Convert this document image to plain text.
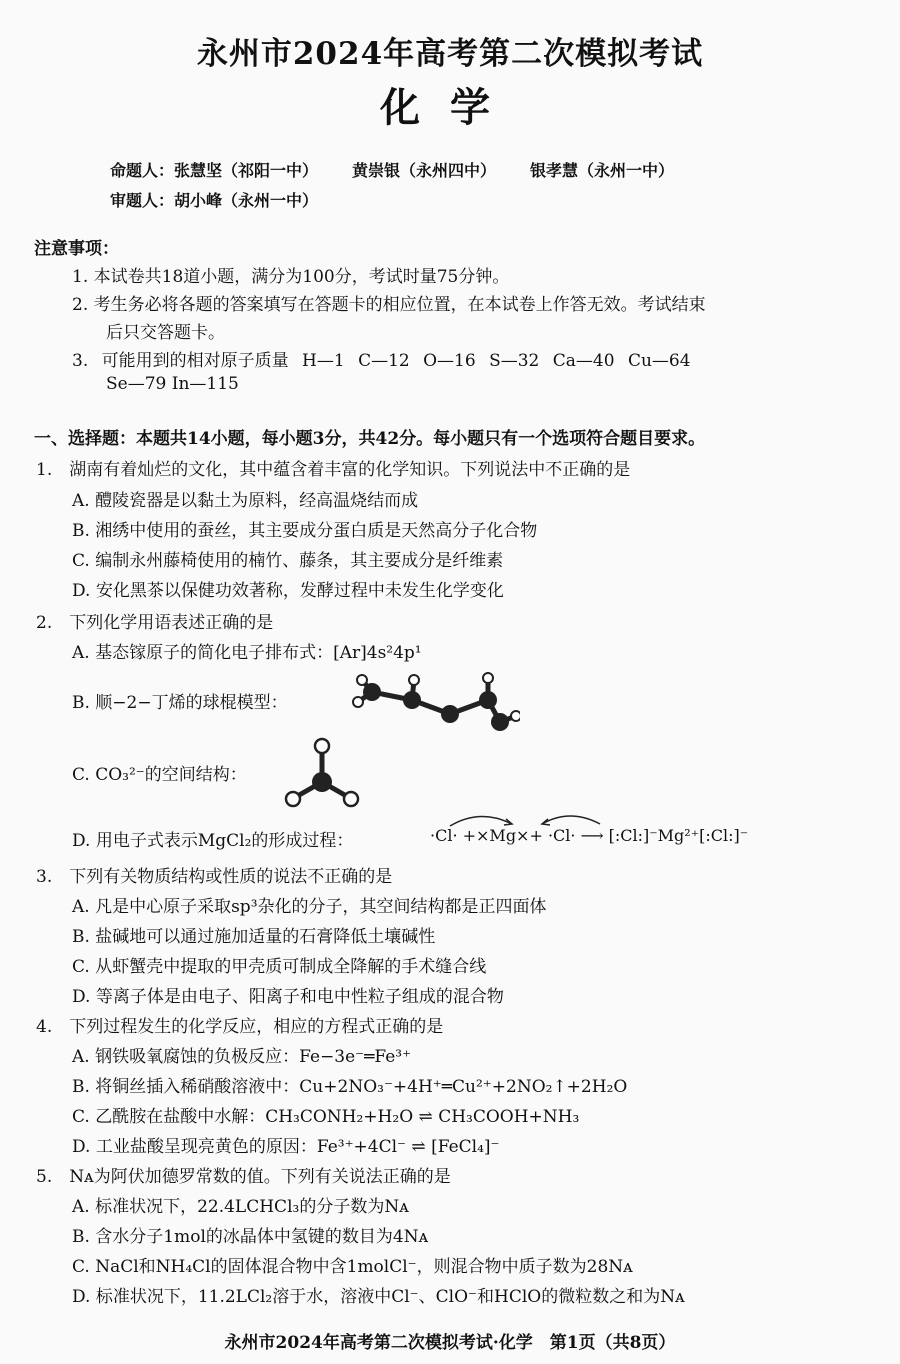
永州市2024年高考第二次模拟考试
化学
命题人：张慧坚（祁阳一中） 黄崇银（永州四中） 银孝慧（永州一中）
审题人：胡小峰（永州一中）
注意事项：
1. 本试卷共18道小题，满分为100分，考试时量75分钟。
2. 考生务必将各题的答案填写在答题卡的相应位置，在本试卷上作答无效。考试结束
后只交答题卡。
3. 可能用到的相对原子质量 H—1 C—12 O—16 S—32 Ca—40 Cu—64
Se—79 In—115
一、选择题：本题共14小题，每小题3分，共42分。每小题只有一个选项符合题目要求。
1.　湖南有着灿烂的文化，其中蕴含着丰富的化学知识。下列说法中不正确的是
A. 醴陵瓷器是以黏土为原料，经高温烧结而成
B. 湘绣中使用的蚕丝，其主要成分蛋白质是天然高分子化合物
C. 编制永州藤椅使用的楠竹、藤条，其主要成分是纤维素
D. 安化黑茶以保健功效著称，发酵过程中未发生化学变化
2.　下列化学用语表述正确的是
A. 基态镓原子的简化电子排布式：[Ar]4s²4p¹
B. 顺−2−丁烯的球棍模型：
C. CO₃²⁻的空间结构：
D. 用电子式表示MgCl₂的形成过程：	·Cl· +×Mg×+ ·Cl· ⟶ [:Cl:]⁻Mg²⁺[:Cl:]⁻
3.　下列有关物质结构或性质的说法不正确的是
A. 凡是中心原子采取sp³杂化的分子，其空间结构都是正四面体
B. 盐碱地可以通过施加适量的石膏降低土壤碱性
C. 从虾蟹壳中提取的甲壳质可制成全降解的手术缝合线
D. 等离子体是由电子、阳离子和电中性粒子组成的混合物
4.　下列过程发生的化学反应，相应的方程式正确的是
A. 钢铁吸氧腐蚀的负极反应：Fe−3e⁻═Fe³⁺
B. 将铜丝插入稀硝酸溶液中：Cu+2NO₃⁻+4H⁺═Cu²⁺+2NO₂↑+2H₂O
C. 乙酰胺在盐酸中水解：CH₃CONH₂+H₂O ⇌ CH₃COOH+NH₃
D. 工业盐酸呈现亮黄色的原因：Fe³⁺+4Cl⁻ ⇌ [FeCl₄]⁻
5.　Nᴀ为阿伏加德罗常数的值。下列有关说法正确的是
A. 标准状况下，22.4LCHCl₃的分子数为Nᴀ
B. 含水分子1mol的冰晶体中氢键的数目为4Nᴀ
C. NaCl和NH₄Cl的固体混合物中含1molCl⁻，则混合物中质子数为28Nᴀ
D. 标准状况下，11.2LCl₂溶于水，溶液中Cl⁻、ClO⁻和HClO的微粒数之和为Nᴀ
永州市2024年高考第二次模拟考试·化学　第1页（共8页）
